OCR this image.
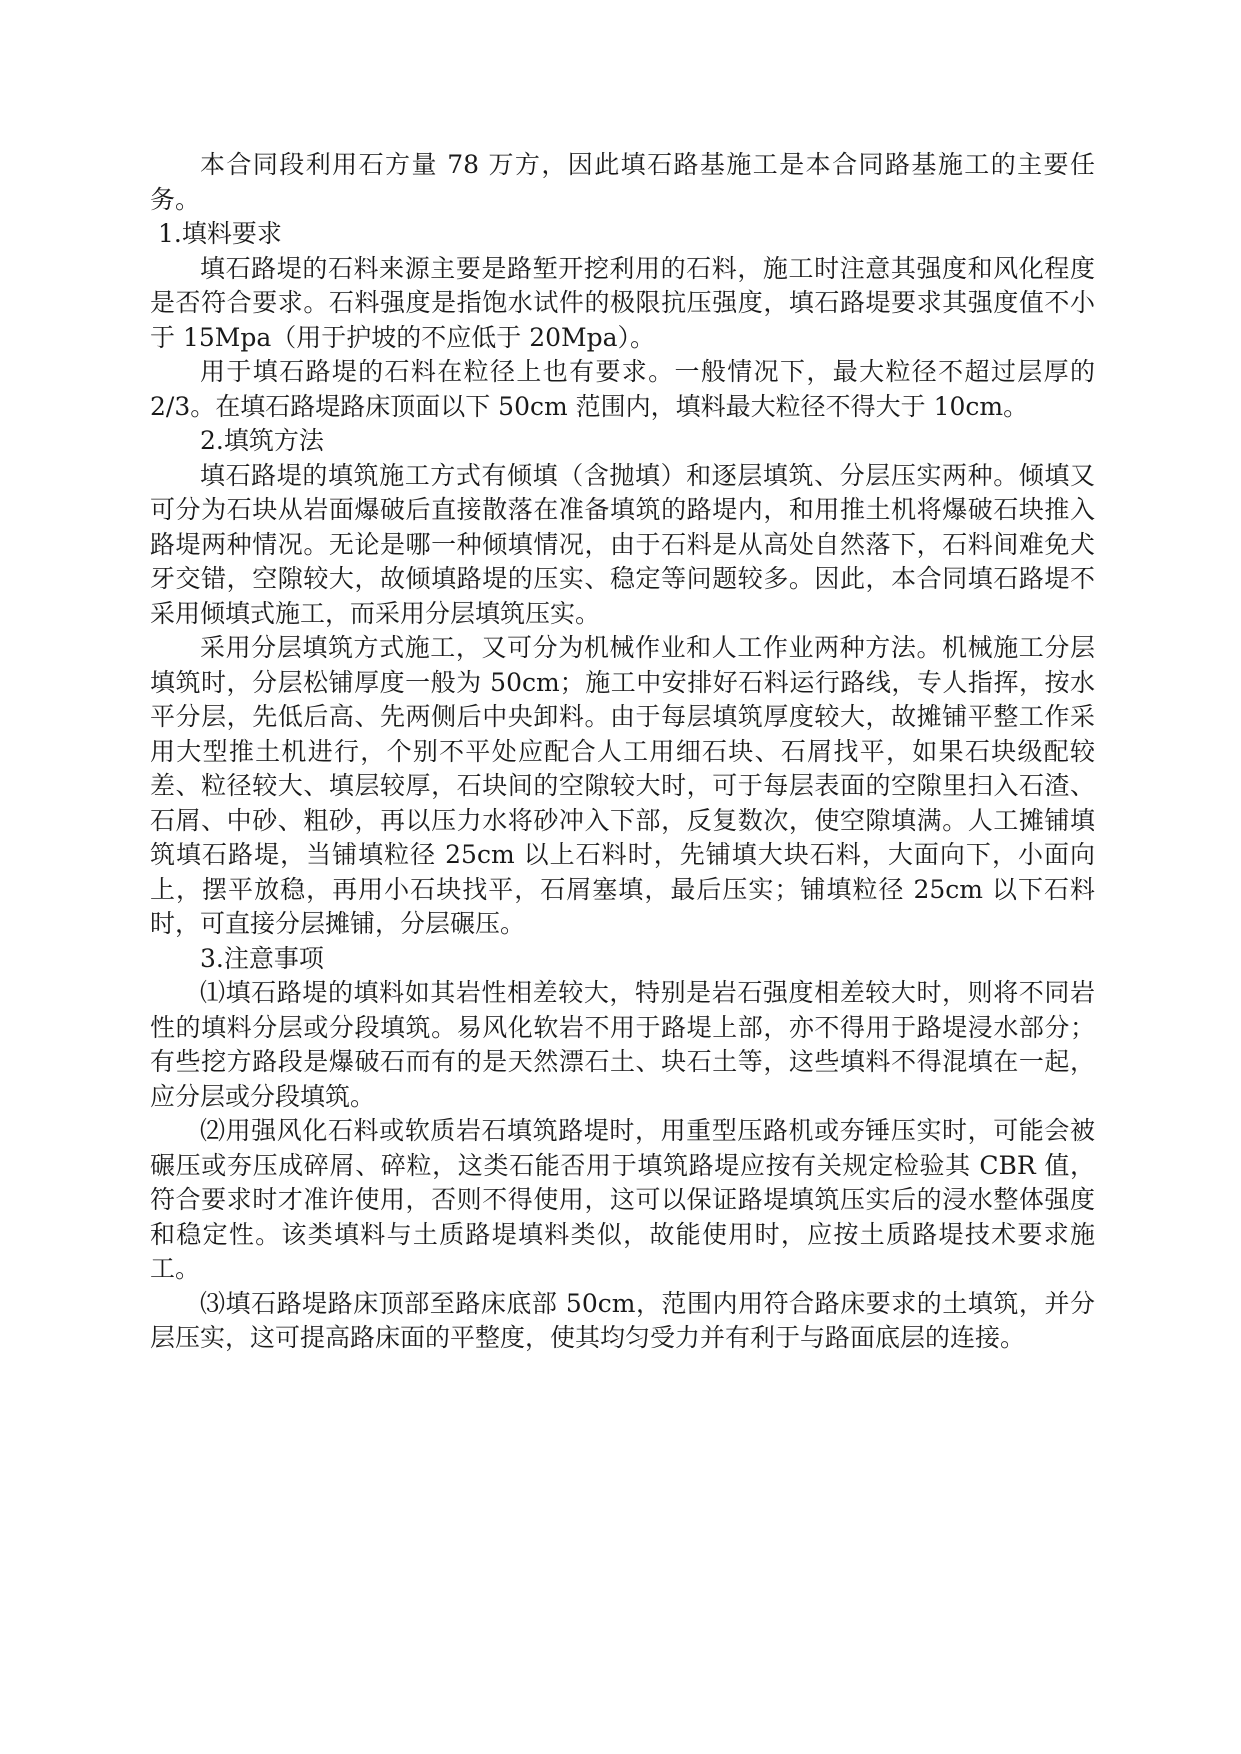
本合同段利用石方量 78 万方，因此填石路基施工是本合同路基施工的主要任务。

1.填料要求

填石路堤的石料来源主要是路堑开挖利用的石料，施工时注意其强度和风化程度是否符合要求。石料强度是指饱水试件的极限抗压强度，填石路堤要求其强度值不小于 15Mpa（用于护坡的不应低于 20Mpa）。

用于填石路堤的石料在粒径上也有要求。一般情况下，最大粒径不超过层厚的 2/3。在填石路堤路床顶面以下 50cm 范围内，填料最大粒径不得大于 10cm。

2.填筑方法

填石路堤的填筑施工方式有倾填（含抛填）和逐层填筑、分层压实两种。倾填又可分为石块从岩面爆破后直接散落在准备填筑的路堤内，和用推土机将爆破石块推入路堤两种情况。无论是哪一种倾填情况，由于石料是从高处自然落下，石料间难免犬牙交错，空隙较大，故倾填路堤的压实、稳定等问题较多。因此，本合同填石路堤不采用倾填式施工，而采用分层填筑压实。

采用分层填筑方式施工，又可分为机械作业和人工作业两种方法。机械施工分层填筑时，分层松铺厚度一般为 50cm；施工中安排好石料运行路线，专人指挥，按水平分层，先低后高、先两侧后中央卸料。由于每层填筑厚度较大，故摊铺平整工作采用大型推土机进行，个别不平处应配合人工用细石块、石屑找平，如果石块级配较差、粒径较大、填层较厚，石块间的空隙较大时，可于每层表面的空隙里扫入石渣、石屑、中砂、粗砂，再以压力水将砂冲入下部，反复数次，使空隙填满。人工摊铺填筑填石路堤，当铺填粒径 25cm 以上石料时，先铺填大块石料，大面向下，小面向上，摆平放稳，再用小石块找平，石屑塞填，最后压实；铺填粒径 25cm 以下石料时，可直接分层摊铺，分层碾压。

3.注意事项

⑴填石路堤的填料如其岩性相差较大，特别是岩石强度相差较大时，则将不同岩性的填料分层或分段填筑。易风化软岩不用于路堤上部，亦不得用于路堤浸水部分；有些挖方路段是爆破石而有的是天然漂石土、块石土等，这些填料不得混填在一起，应分层或分段填筑。

⑵用强风化石料或软质岩石填筑路堤时，用重型压路机或夯锤压实时，可能会被碾压或夯压成碎屑、碎粒，这类石能否用于填筑路堤应按有关规定检验其 CBR 值，符合要求时才准许使用，否则不得使用，这可以保证路堤填筑压实后的浸水整体强度和稳定性。该类填料与土质路堤填料类似，故能使用时，应按土质路堤技术要求施工。

⑶填石路堤路床顶部至路床底部 50cm，范围内用符合路床要求的土填筑，并分层压实，这可提高路床面的平整度，使其均匀受力并有利于与路面底层的连接。
